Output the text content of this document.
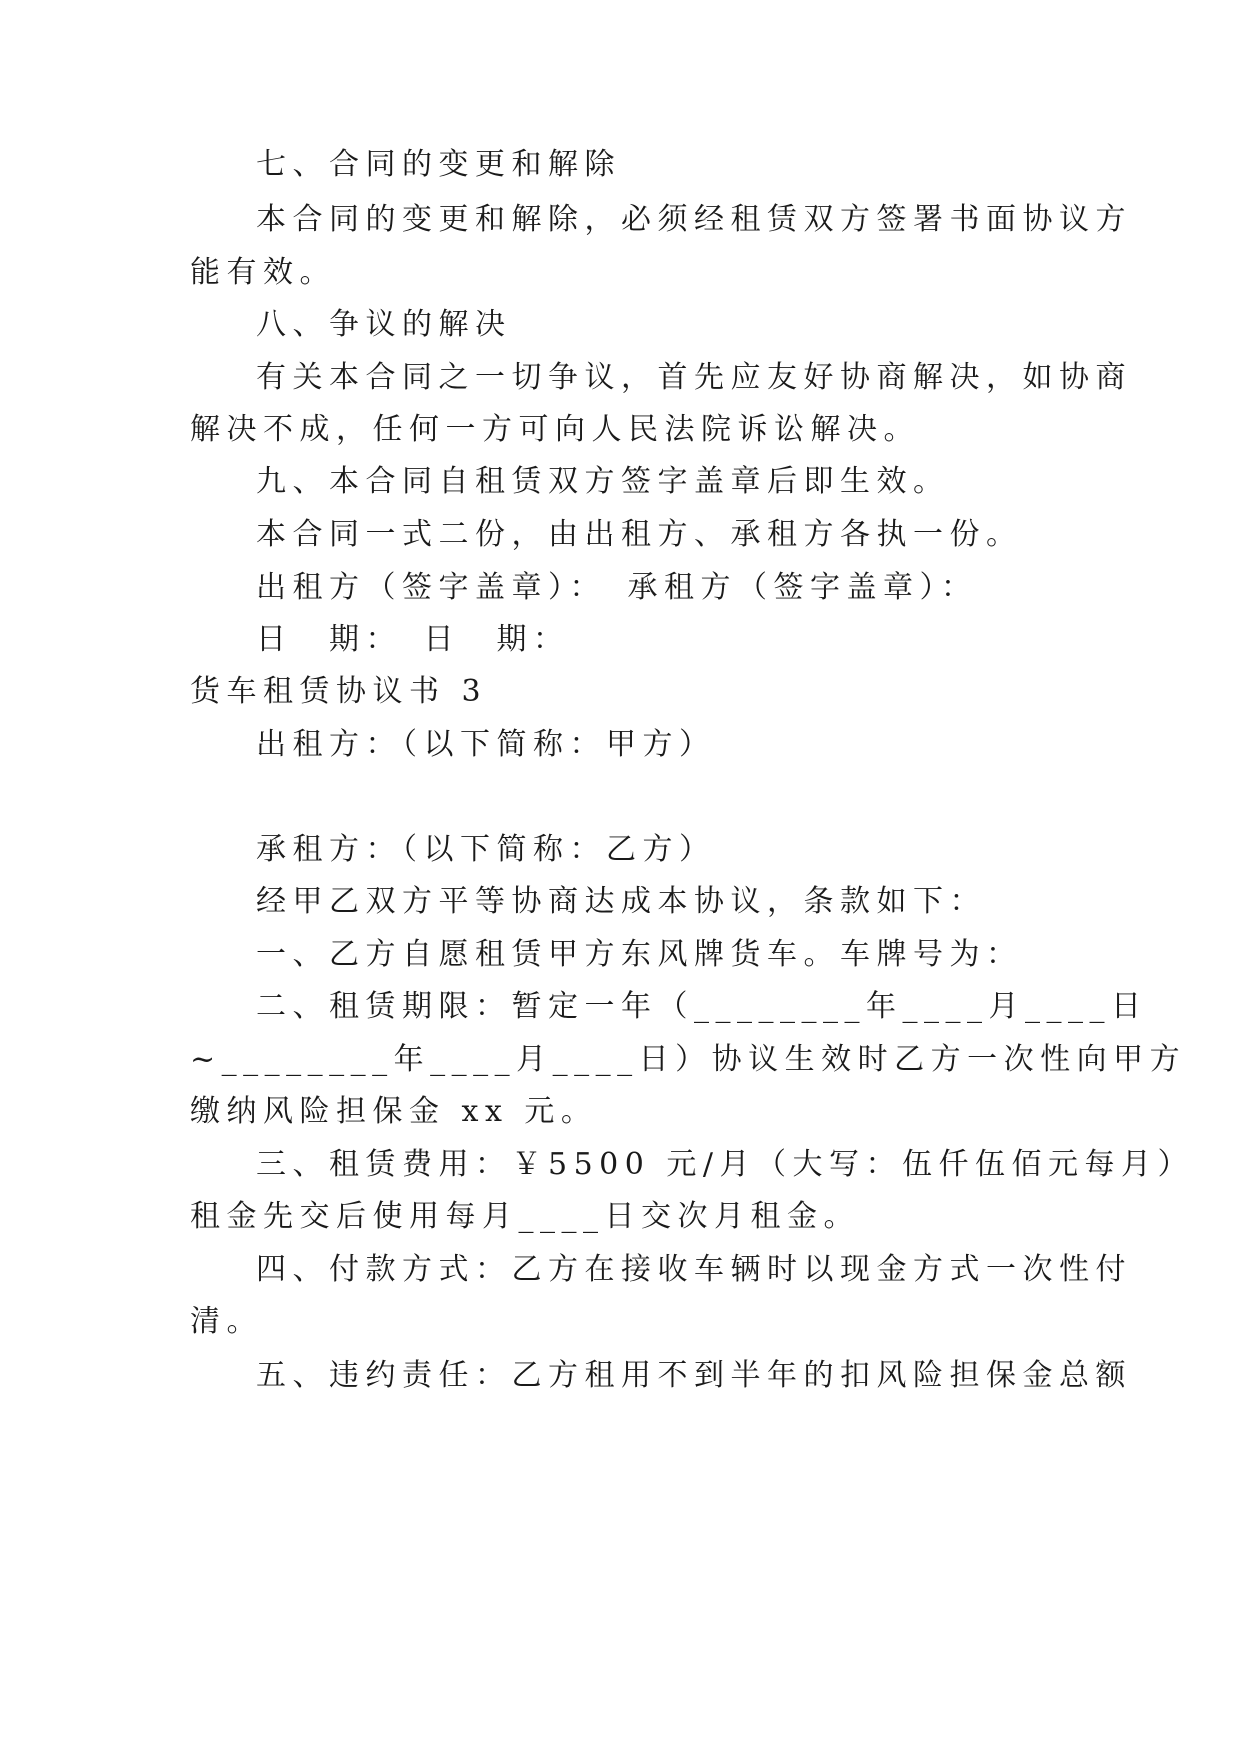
七、合同的变更和解除
本合同的变更和解除，必须经租赁双方签署书面协议方
能有效。
八、争议的解决
有关本合同之一切争议，首先应友好协商解决，如协商
解决不成，任何一方可向人民法院诉讼解决。
九、本合同自租赁双方签字盖章后即生效。
本合同一式二份，由出租方、承租方各执一份。
出租方（签字盖章）：　承租方（签字盖章）：
日　期：　日　期：
货车租赁协议书 3
出租方：（以下简称：甲方）
承租方：（以下简称：乙方）
经甲乙双方平等协商达成本协议，条款如下：
一、乙方自愿租赁甲方东风牌货车。车牌号为：
二、租赁期限：暂定一年（________年____月____日
~________年____月____日）协议生效时乙方一次性向甲方
缴纳风险担保金 xx 元。
三、租赁费用：￥5500 元/月（大写：伍仟伍佰元每月）
租金先交后使用每月____日交次月租金。
四、付款方式：乙方在接收车辆时以现金方式一次性付
清。
五、违约责任：乙方租用不到半年的扣风险担保金总额
